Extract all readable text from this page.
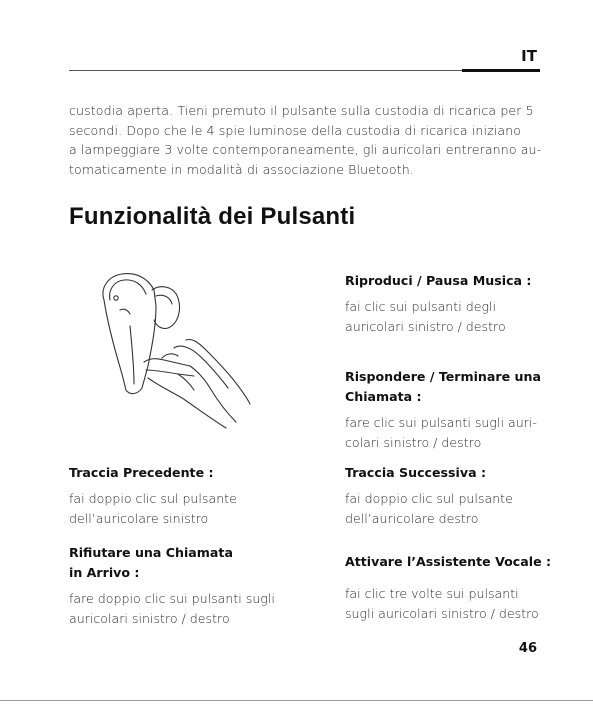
IT
custodia aperta. Tieni premuto il pulsante sulla custodia di ricarica per 5
secondi. Dopo che le 4 spie luminose della custodia di ricarica iniziano
a lampeggiare 3 volte contemporaneamente, gli auricolari entreranno au-
tomaticamente in modalità di associazione Bluetooth.
Funzionalità dei Pulsanti
Riproduci / Pausa Musica :

fai clic sui pulsanti degli
auricolari sinistro / destro

Rispondere / Terminare una
Chiamata :

fare clic sui pulsanti sugli auri-
colari sinistro / destro

Traccia Precedente :

fai doppio clic sul pulsante
dell’auricolare sinistro

Traccia Successiva :

fai doppio clic sul pulsante
dell’auricolare destro

Rifiutare una Chiamata
in Arrivo :

fare doppio clic sui pulsanti sugli
auricolari sinistro / destro

Attivare l’Assistente Vocale :

fai clic tre volte sui pulsanti
sugli auricolari sinistro / destro

46
